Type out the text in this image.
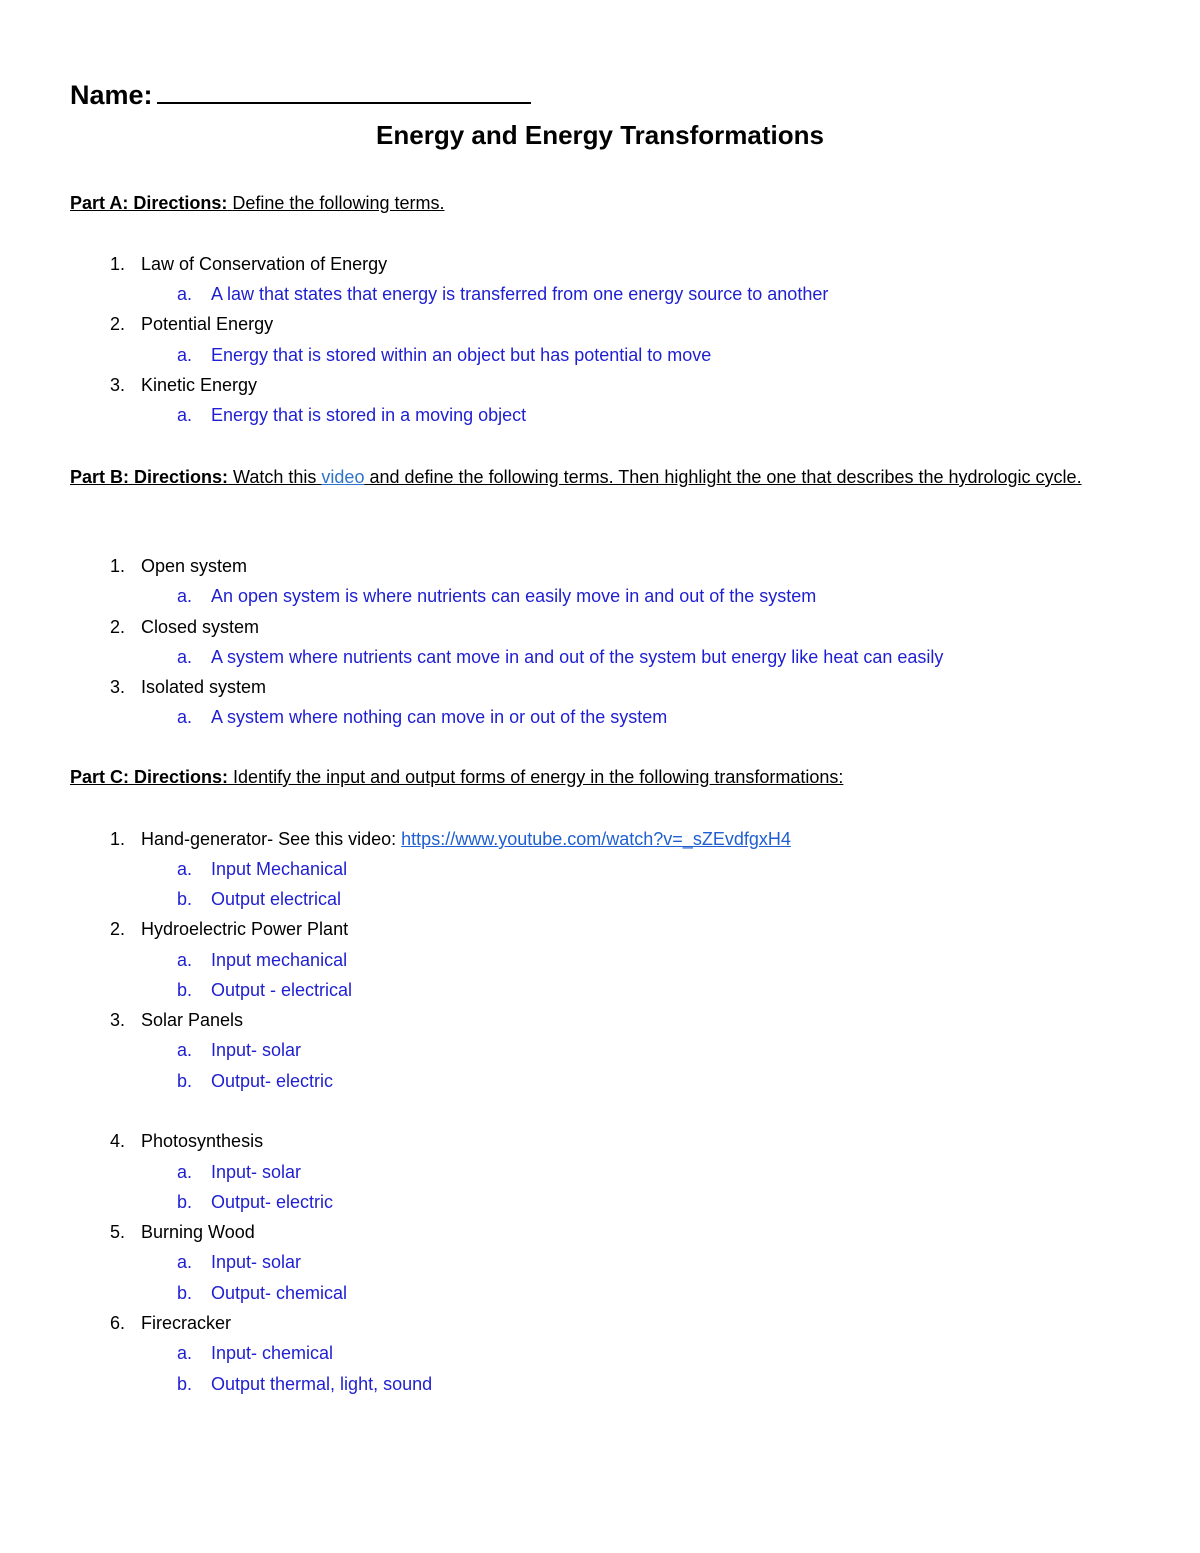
Name:
Energy and Energy Transformations
Part A: Directions: Define the following terms.
1. Law of Conservation of Energy
a. A law that states that energy is transferred from one energy source to another
2. Potential Energy
a. Energy that is stored within an object but has potential to move
3. Kinetic Energy
a. Energy that is stored in a moving object
Part B: Directions: Watch this video and define the following terms. Then highlight the one that describes the hydrologic cycle.
1. Open system
a. An open system is where nutrients can easily move in and out of the system
2. Closed system
a. A system where nutrients cant move in and out of the system but energy like heat can easily
3. Isolated system
a. A system where nothing can move in or out of the system
Part C: Directions: Identify the input and output forms of energy in the following transformations:
1. Hand-generator- See this video: https://www.youtube.com/watch?v=_sZEvdfgxH4
a. Input Mechanical
b. Output electrical
2. Hydroelectric Power Plant
a. Input mechanical
b. Output - electrical
3. Solar Panels
a. Input- solar
b. Output- electric
4. Photosynthesis
a. Input- solar
b. Output- electric
5. Burning Wood
a. Input- solar
b. Output- chemical
6. Firecracker
a. Input- chemical
b. Output thermal, light, sound
